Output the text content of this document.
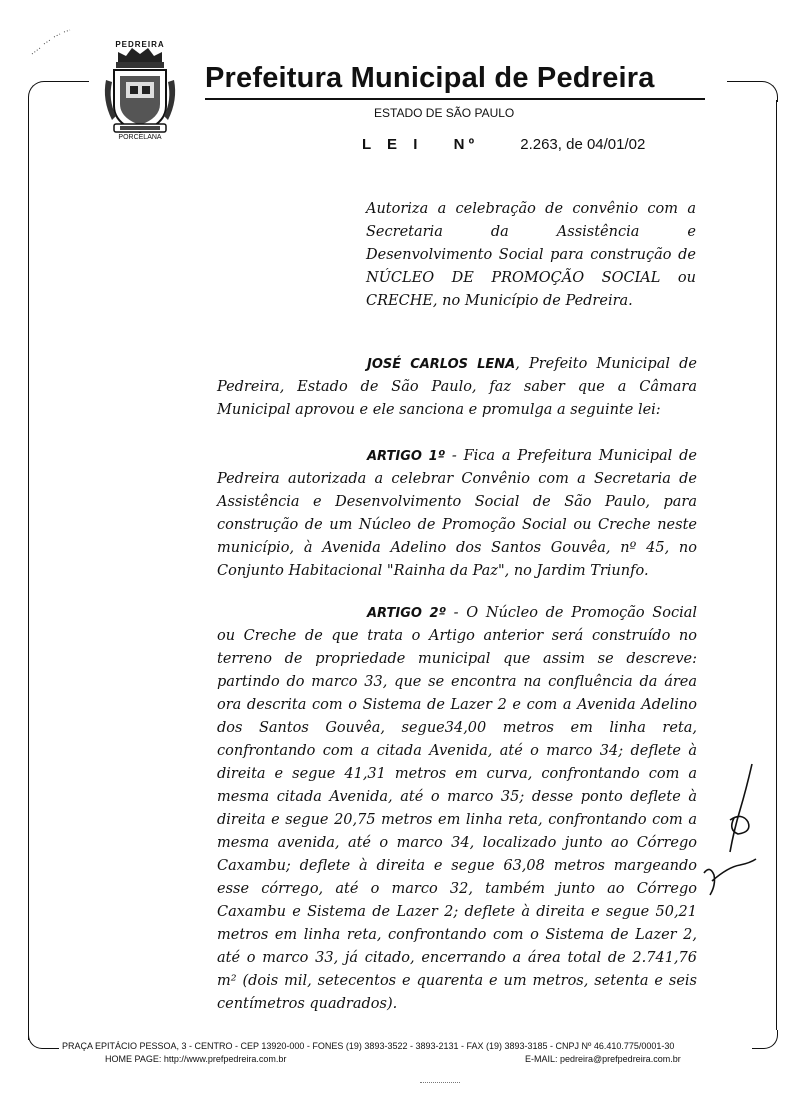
PEDREIRA
PORCELANA
Prefeitura Municipal de Pedreira
ESTADO DE SÃO PAULO
L E I N º	2.263, de 04/01/02
Autoriza a celebração de convênio com a Secretaria da Assistência e Desenvolvimento Social para construção de NÚCLEO DE PROMOÇÃO SOCIAL ou CRECHE, no Município de Pedreira.
JOSÉ CARLOS LENA, Prefeito Municipal de Pedreira, Estado de São Paulo, faz saber que a Câmara Municipal aprovou e ele sanciona e promulga a seguinte lei:
ARTIGO 1º - Fica a Prefeitura Municipal de Pedreira autorizada a celebrar Convênio com a Secretaria de Assistência e Desenvolvimento Social de São Paulo, para construção de um Núcleo de Promoção Social ou Creche neste município, à Avenida Adelino dos Santos Gouvêa, nº 45, no Conjunto Habitacional "Rainha da Paz", no Jardim Triunfo.
ARTIGO 2º - O Núcleo de Promoção Social ou Creche de que trata o Artigo anterior será construído no terreno de propriedade municipal que assim se descreve: partindo do marco 33, que se encontra na confluência da área ora descrita com o Sistema de Lazer 2 e com a Avenida Adelino dos Santos Gouvêa, segue34,00 metros em linha reta, confrontando com a citada Avenida, até o marco 34; deflete à direita e segue 41,31 metros em curva, confrontando com a mesma citada Avenida, até o marco 35; desse ponto deflete à direita e segue 20,75 metros em linha reta, confrontando com a mesma avenida, até o marco 34, localizado junto ao Córrego Caxambu; deflete à direita e segue 63,08 metros margeando esse córrego, até o marco 32, também junto ao Córrego Caxambu e Sistema de Lazer 2; deflete à direita e segue 50,21 metros em linha reta, confrontando com o Sistema de Lazer 2, até o marco 33, já citado, encerrando a área total de 2.741,76 m² (dois mil, setecentos e quarenta e um metros, setenta e seis centímetros quadrados).
PRAÇA EPITÁCIO PESSOA, 3 - CENTRO - CEP 13920-000 - FONES (19) 3893-3522 - 3893-2131 - FAX (19) 3893-3185 - CNPJ Nº 46.410.775/0001-30
HOME PAGE: http://www.prefpedreira.com.br	E-MAIL: pedreira@prefpedreira.com.br
